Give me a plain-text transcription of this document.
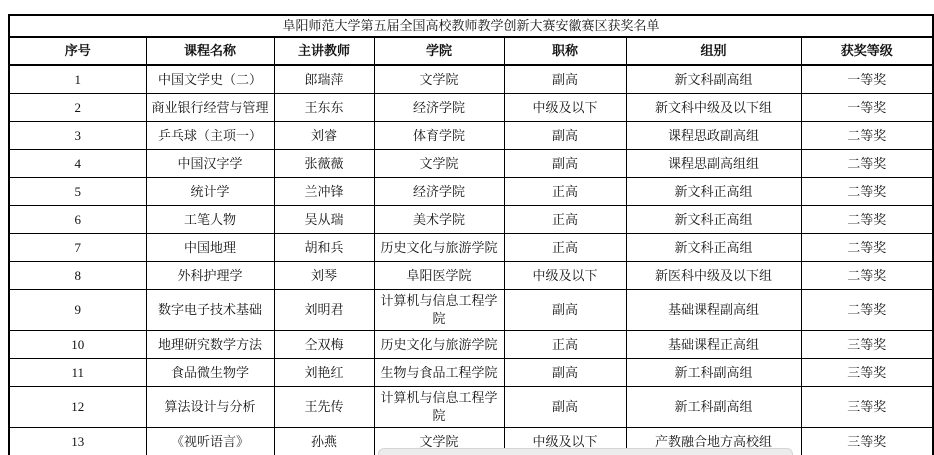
阜阳师范大学第五届全国高校教师教学创新大赛安徽赛区获奖名单						
序号	课程名称	主讲教师	学院	职称	组别	获奖等级
1	中国文学史（二）	郎瑞萍	文学院	副高	新文科副高组	一等奖
2	商业银行经营与管理	王东东	经济学院	中级及以下	新文科中级及以下组	一等奖
3	乒乓球（主项一）	刘睿	体育学院	副高	课程思政副高组	二等奖
4	中国汉字学	张薇薇	文学院	副高	课程思副高组组	二等奖
5	统计学	兰冲锋	经济学院	正高	新文科正高组	二等奖
6	工笔人物	吴从瑞	美术学院	正高	新文科正高组	二等奖
7	中国地理	胡和兵	历史文化与旅游学院	正高	新文科正高组	二等奖
8	外科护理学	刘琴	阜阳医学院	中级及以下	新医科中级及以下组	二等奖
9	数字电子技术基础	刘明君	计算机与信息工程学院	副高	基础课程副高组	二等奖
10	地理研究数学方法	仝双梅	历史文化与旅游学院	正高	基础课程正高组	三等奖
11	食品微生物学	刘艳红	生物与食品工程学院	副高	新工科副高组	三等奖
12	算法设计与分析	王先传	计算机与信息工程学院	副高	新工科副高组	三等奖
13	《视听语言》	孙燕	文学院	中级及以下	产教融合地方高校组	三等奖
